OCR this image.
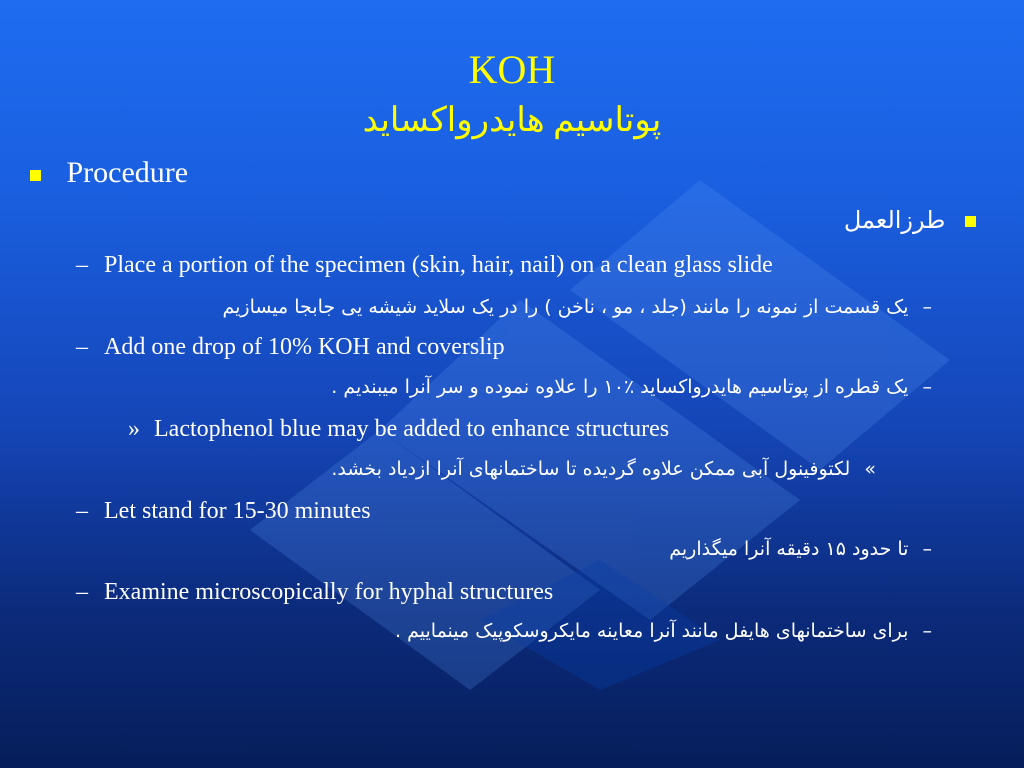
KOH
پوتاسیم هایدرواکساید
Procedure
طرزالعمل
– Place a portion of the specimen (skin, hair, nail) on a clean glass slide
– یک قسمت از نمونه را مانند (جلد ، مو ، ناخن ) را در یک سلاید شیشه یی جابجا میسازیم
– Add one drop of 10% KOH and coverslip
– یک قطره از پوتاسیم هایدرواکساید ٪۱۰ را علاوه نموده و سر آنرا میبندیم .
» Lactophenol blue may be added to enhance structures
» لکتوفینول آبی ممکن علاوه گردیده تا ساختمانهای آنرا ازدیاد بخشد.
– Let stand for 15-30 minutes
– تا حدود ۱۵ دقیقه آنرا میگذاریم
– Examine microscopically for hyphal structures
– برای ساختمانهای هایفل مانند آنرا معاینه مایکروسکوپیک مینماییم .
